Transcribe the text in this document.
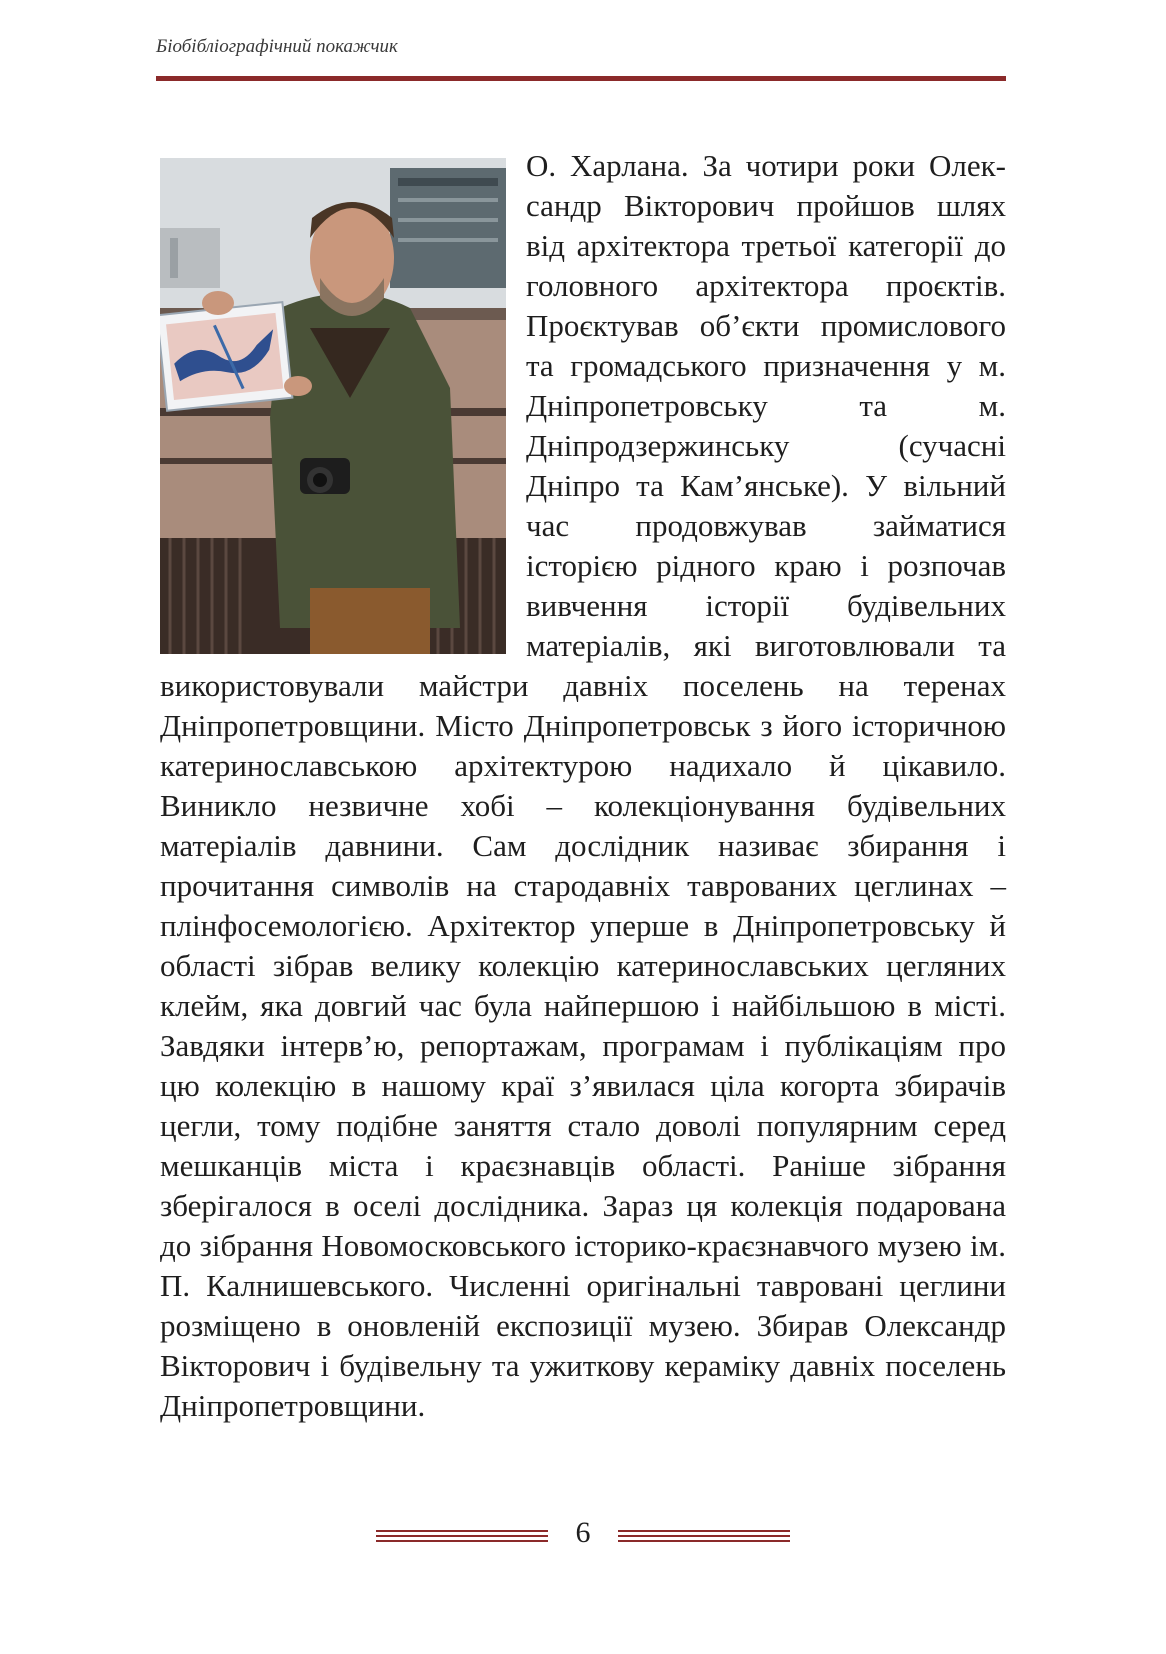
Біобібліографічний покажчик

О. Харлана. За чотири роки Олександр Вікторович пройшов шлях від архітектора третьої категорії до головного архітектора проєктів. Проєктував об’єкти промислового та громадського призначення у м. Дніпропетровську та м. Дніпродзержинську (сучасні Дніпро та Кам’янське). У вільний час продовжував займатися історією рідного краю і розпочав вивчення історії будівельних матеріалів, які виготовлювали та використовували майстри давніх поселень на теренах Дніпропетровщини. Місто Дніпропетровськ з його історичною катеринославською архітектурою надихало й цікавило. Виникло незвичне хобі – колекціонування будівельних матеріалів давнини. Сам дослідник називає збирання і прочитання символів на стародавніх таврованих цеглинах – плінфосемологією. Архітектор уперше в Дніпропетровську й області зібрав велику колекцію катеринославських цегляних клейм, яка довгий час була найпершою і найбільшою в місті. Завдяки інтерв’ю, репортажам, програмам і публікаціям про цю колекцію в нашому краї з’явилася ціла когорта збирачів цегли, тому подібне заняття стало доволі популярним серед мешканців міста і краєзнавців області. Раніше зібрання зберігалося в оселі дослідника. Зараз ця колекція подарована до зібрання Новомосковського історико-краєзнавчого музею ім. П. Калнишевського. Численні оригінальні тавровані цеглини розміщено в оновленій експозиції музею. Збирав Олександр Вікторович і будівельну та ужиткову кераміку давніх поселень Дніпропетровщини.

6
